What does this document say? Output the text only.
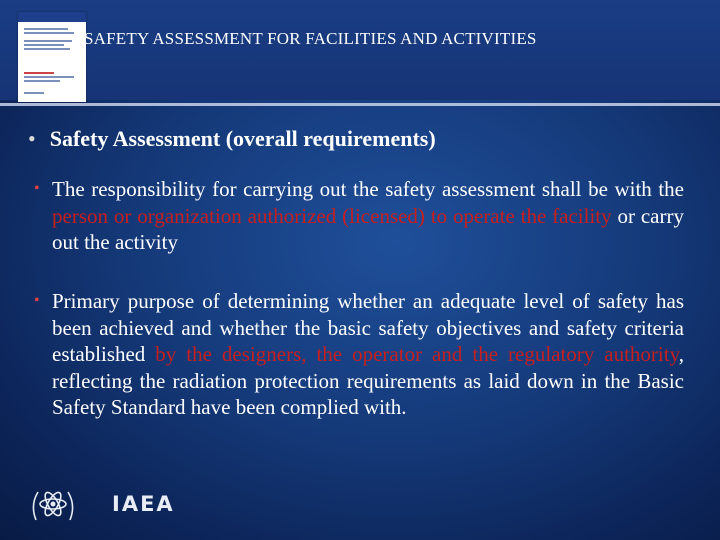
SAFETY ASSESSMENT FOR FACILITIES AND ACTIVITIES
• Safety Assessment (overall requirements)
• The responsibility for carrying out the safety assessment shall be with the person or organization authorized (licensed) to operate the facility or carry out the activity
• Primary purpose of determining whether an adequate level of safety has been achieved and whether the basic safety objectives and safety criteria established by the designers, the operator and the regulatory authority, reflecting the radiation protection requirements as laid down in the Basic Safety Standard have been complied with.
IAEA
